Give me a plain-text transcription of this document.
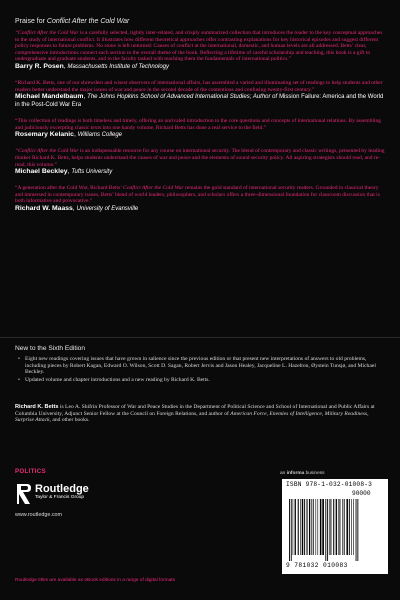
Praise for Conflict After the Cold War

“Conflict After the Cold War is a carefully selected, tightly inter-related, and crisply summarized collection that introduces the reader to the key conceptual approaches to the study of international conflict. It illustrates how different theoretical approaches offer contrasting explanations for key historical episodes and suggest different policy responses to future problems. No stone is left unturned: Causes of conflict at the international, domestic, and human levels are all addressed. Betts’ clear, comprehensive introductions connect each section to the overall theme of the book. Reflecting a lifetime of careful scholarship and teaching, this book is a gift to undergraduate and graduate students, and to the faculty tasked with teaching them the fundamentals of international politics.”

Barry R. Posen, Massachusetts Institute of Technology

“Richard K. Betts, one of our shrewdest and wisest observers of international affairs, has assembled a varied and illuminating set of readings to help students and other readers better understand the major issues of war and peace in the second decade of the contentious and confusing twenty-first century.”

Michael Mandelbaum, The Johns Hopkins School of Advanced International Studies; Author of Mission Failure: America and the World in the Post-Cold War Era

“This collection of readings is both timeless and timely, offering an unrivaled introduction to the core questions and concepts of international relations. By assembling and judiciously excerpting classic texts into one handy volume, Richard Betts has done a real service to the field.”

Rosemary Kelanic, Williams College

“Conflict After the Cold War is an indispensable resource for any course on international security. The blend of contemporary and classic writings, presented by leading thinker Richard K. Betts, helps students understand the causes of war and peace and the elements of sound security policy. All aspiring strategists should read, and re-read, this volume.”

Michael Beckley, Tufts University

“A generation after the Cold War, Richard Betts’ Conflict After the Cold War remains the gold standard of international security readers. Grounded in classical theory and immersed in contemporary issues, Betts’ blend of world leaders, philosophers, and scholars offers a three-dimensional foundation for classroom discussion that is both informative and provocative.”

Richard W. Maass, University of Evansville

New to the Sixth Edition

• Eight new readings covering issues that have grown in salience since the previous edition or that present new interpretations of answers to old problems, including pieces by Robert Kagan, Edward O. Wilson, Scott D. Sagan, Robert Jervis and Jason Healey, Jacqueline L. Hazelton, Øystein Tunsjø, and Michael Beckley.
• Updated volume and chapter introductions and a new reading by Richard K. Betts.

Richard K. Betts is Leo A. Shifrin Professor of War and Peace Studies in the Department of Political Science and School of International and Public Affairs at Columbia University, Adjunct Senior Fellow at the Council on Foreign Relations, and author of American Force, Enemies of Intelligence, Military Readiness, Surprise Attack, and other books.

POLITICS	an informa business
Routledge
Taylor & Francis Group
www.routledge.com
ISBN 978-1-032-01008-3
90000
9 781032 010083
Routledge titles are available as eBook editions in a range of digital formats
